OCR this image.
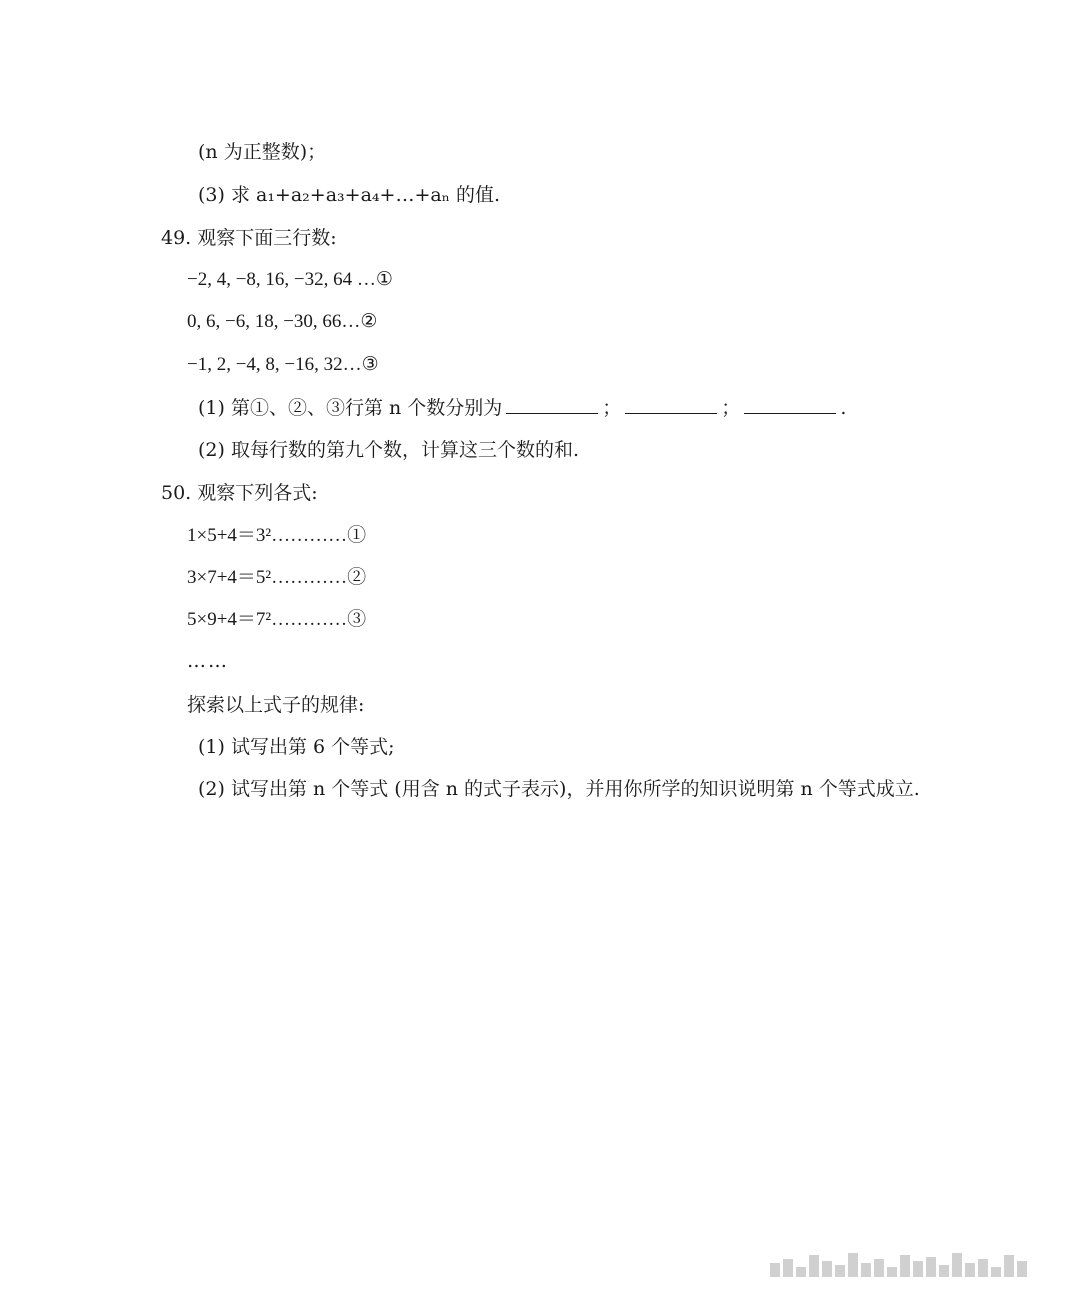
(n 为正整数)；
(3) 求 a₁+a₂+a₃+a₄+…+aₙ 的值.
49. 观察下面三行数:
−2, 4, −8, 16, −32, 64 …①
0, 6, −6, 18, −30, 66…②
−1, 2, −4, 8, −16, 32…③
(1) 第①、②、③行第 n 个数分别为	；	；	.
(2) 取每行数的第九个数，计算这三个数的和.
50. 观察下列各式:
1×5+4＝3²…………①
3×7+4＝5²…………②
5×9+4＝7²…………③
……
探索以上式子的规律:
(1) 试写出第 6 个等式;
(2) 试写出第 n 个等式 (用含 n 的式子表示)，并用你所学的知识说明第 n 个等式成立.
